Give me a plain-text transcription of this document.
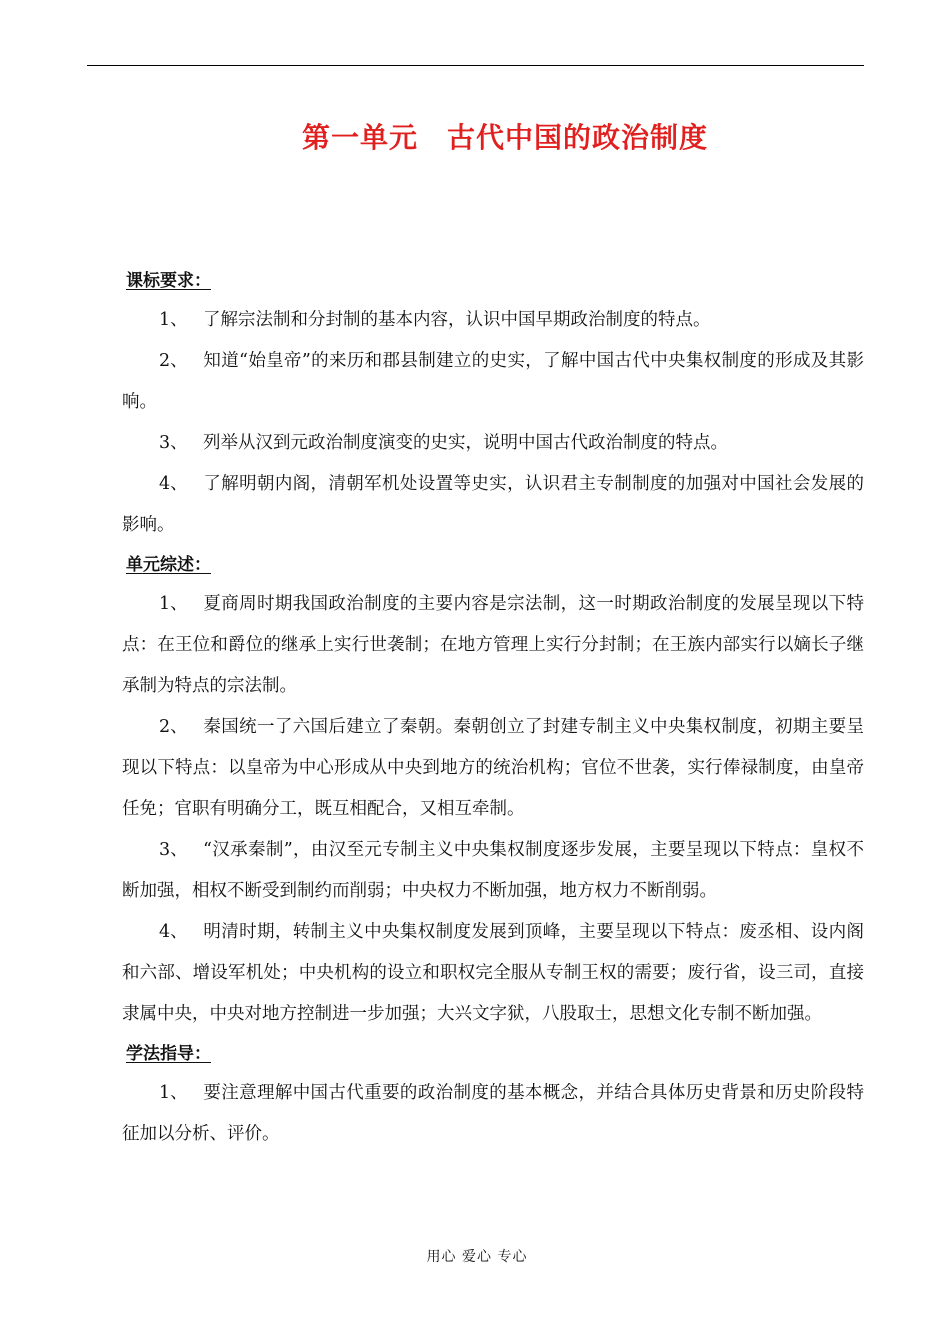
第一单元　古代中国的政治制度
课标要求：
1、 了解宗法制和分封制的基本内容，认识中国早期政治制度的特点。
2、 知道“始皇帝”的来历和郡县制建立的史实，了解中国古代中央集权制度的形成及其影响。
3、 列举从汉到元政治制度演变的史实，说明中国古代政治制度的特点。
4、 了解明朝内阁，清朝军机处设置等史实，认识君主专制制度的加强对中国社会发展的影响。
单元综述：
1、 夏商周时期我国政治制度的主要内容是宗法制，这一时期政治制度的发展呈现以下特点：在王位和爵位的继承上实行世袭制；在地方管理上实行分封制；在王族内部实行以嫡长子继承制为特点的宗法制。
2、 秦国统一了六国后建立了秦朝。秦朝创立了封建专制主义中央集权制度，初期主要呈现以下特点：以皇帝为中心形成从中央到地方的统治机构；官位不世袭，实行俸禄制度，由皇帝任免；官职有明确分工，既互相配合，又相互牵制。
3、 “汉承秦制”，由汉至元专制主义中央集权制度逐步发展，主要呈现以下特点：皇权不断加强，相权不断受到制约而削弱；中央权力不断加强，地方权力不断削弱。
4、 明清时期，转制主义中央集权制度发展到顶峰，主要呈现以下特点：废丞相、设内阁和六部、增设军机处；中央机构的设立和职权完全服从专制王权的需要；废行省，设三司，直接隶属中央，中央对地方控制进一步加强；大兴文字狱，八股取士，思想文化专制不断加强。
学法指导：
1、 要注意理解中国古代重要的政治制度的基本概念，并结合具体历史背景和历史阶段特征加以分析、评价。
用心 爱心 专心
